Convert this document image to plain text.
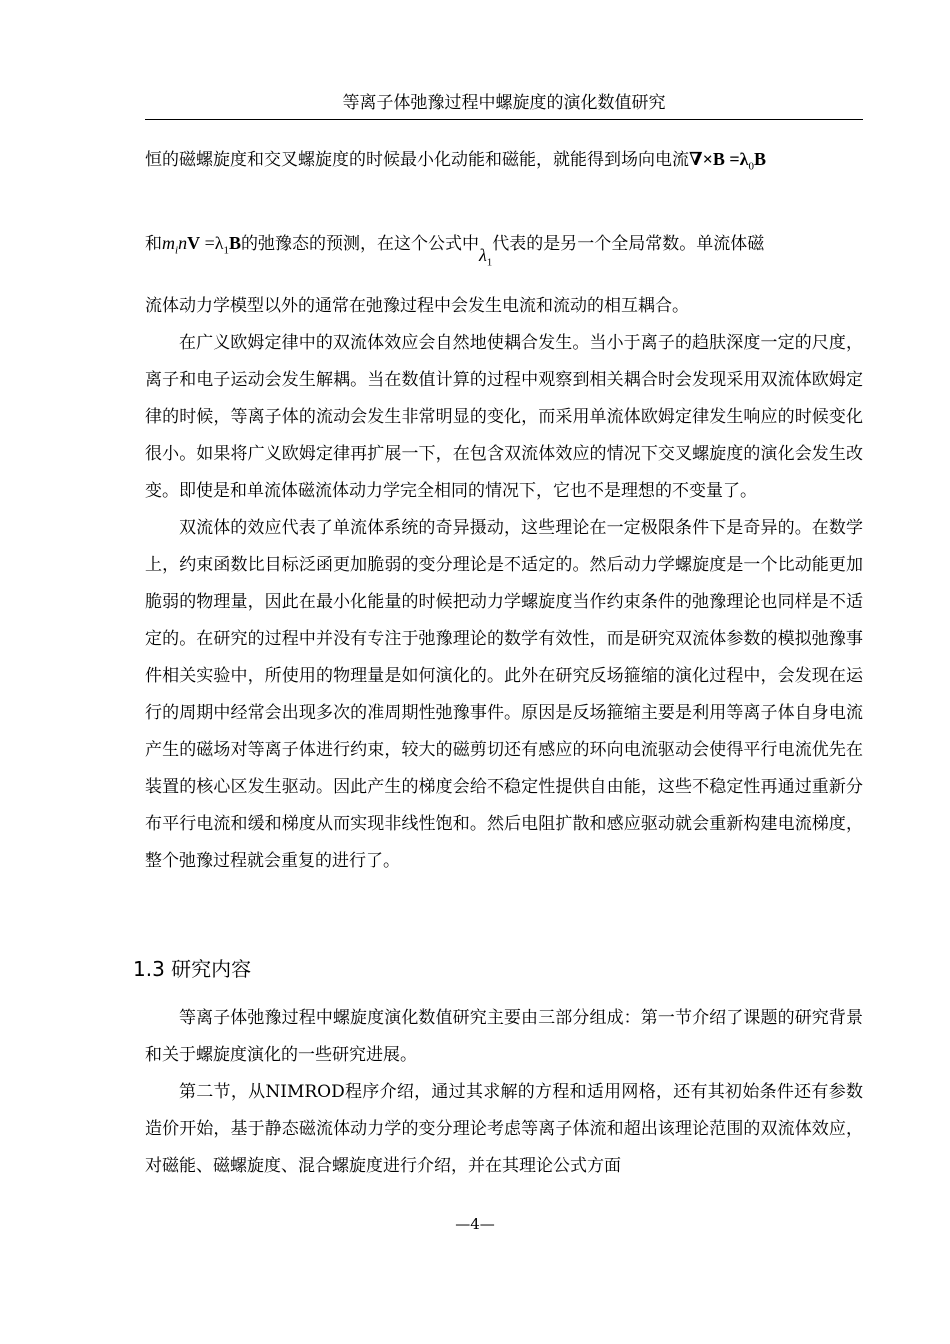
等离子体弛豫过程中螺旋度的演化数值研究

恒的磁螺旋度和交叉螺旋度的时候最小化动能和磁能，就能得到场向电流$\nabla\times B =\lambda_0B$

和$m_inV =\lambda_1B$的弛豫态的预测，在这个公式中$\lambda_1$代表的是另一个全局常数。单流体磁

流体动力学模型以外的通常在弛豫过程中会发生电流和流动的相互耦合。

在广义欧姆定律中的双流体效应会自然地使耦合发生。当小于离子的趋肤深度一定的尺度，离子和电子运动会发生解耦。当在数值计算的过程中观察到相关耦合时会发现采用双流体欧姆定律的时候，等离子体的流动会发生非常明显的变化，而采用单流体欧姆定律发生响应的时候变化很小。如果将广义欧姆定律再扩展一下，在包含双流体效应的情况下交叉螺旋度的演化会发生改变。即使是和单流体磁流体动力学完全相同的情况下，它也不是理想的不变量了。

双流体的效应代表了单流体系统的奇异摄动，这些理论在一定极限条件下是奇异的。在数学上，约束函数比目标泛函更加脆弱的变分理论是不适定的。然后动力学螺旋度是一个比动能更加脆弱的物理量，因此在最小化能量的时候把动力学螺旋度当作约束条件的弛豫理论也同样是不适定的。在研究的过程中并没有专注于弛豫理论的数学有效性，而是研究双流体参数的模拟弛豫事件相关实验中，所使用的物理量是如何演化的。此外在研究反场箍缩的演化过程中，会发现在运行的周期中经常会出现多次的准周期性弛豫事件。原因是反场箍缩主要是利用等离子体自身电流产生的磁场对等离子体进行约束，较大的磁剪切还有感应的环向电流驱动会使得平行电流优先在装置的核心区发生驱动。因此产生的梯度会给不稳定性提供自由能，这些不稳定性再通过重新分布平行电流和缓和梯度从而实现非线性饱和。然后电阻扩散和感应驱动就会重新构建电流梯度，整个弛豫过程就会重复的进行了。

1.3 研究内容

等离子体弛豫过程中螺旋度演化数值研究主要由三部分组成：第一节介绍了课题的研究背景和关于螺旋度演化的一些研究进展。

第二节，从NIMROD程序介绍，通过其求解的方程和适用网格，还有其初始条件还有参数造价开始，基于静态磁流体动力学的变分理论考虑等离子体流和超出该理论范围的双流体效应，对磁能、磁螺旋度、混合螺旋度进行介绍，并在其理论公式方面

—4—
